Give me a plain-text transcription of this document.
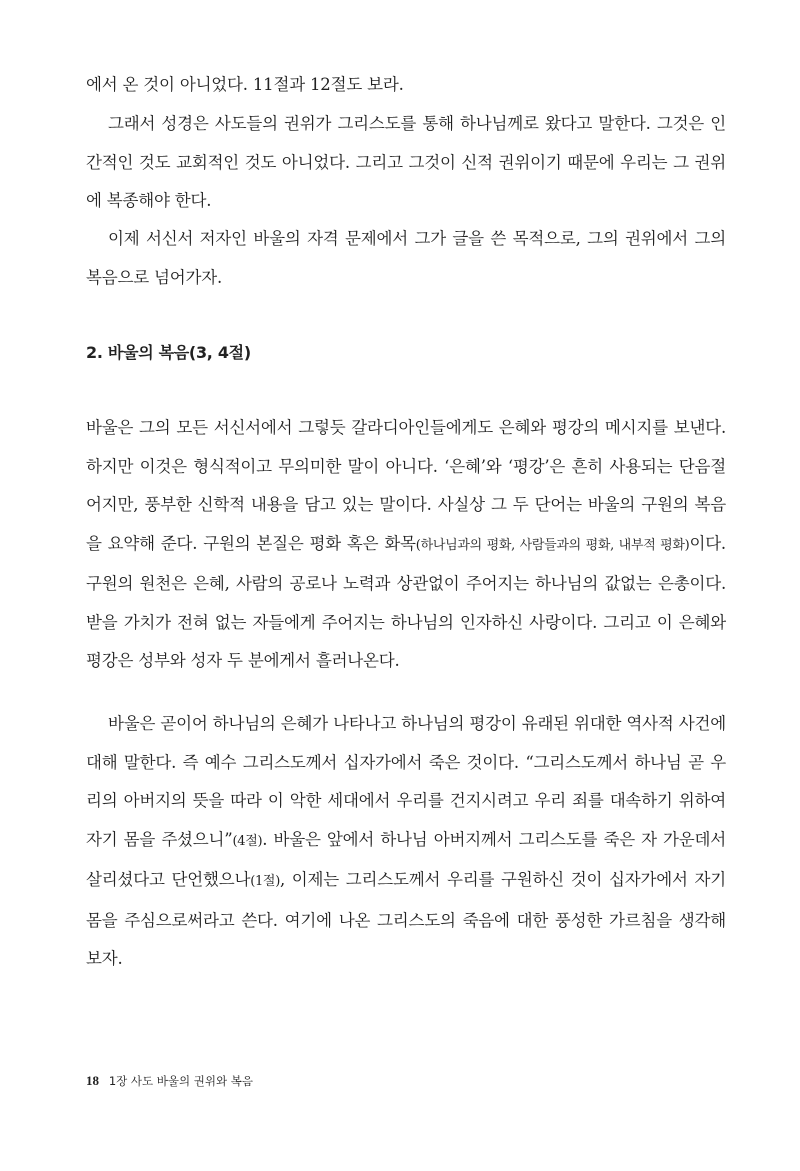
에서 온 것이 아니었다. 11절과 12절도 보라.

그래서 성경은 사도들의 권위가 그리스도를 통해 하나님께로 왔다고 말한다. 그것은 인간적인 것도 교회적인 것도 아니었다. 그리고 그것이 신적 권위이기 때문에 우리는 그 권위에 복종해야 한다.

이제 서신서 저자인 바울의 자격 문제에서 그가 글을 쓴 목적으로, 그의 권위에서 그의 복음으로 넘어가자.

2. 바울의 복음(3, 4절)

바울은 그의 모든 서신서에서 그렇듯 갈라디아인들에게도 은혜와 평강의 메시지를 보낸다. 하지만 이것은 형식적이고 무의미한 말이 아니다. ‘은혜’와 ‘평강’은 흔히 사용되는 단음절어지만, 풍부한 신학적 내용을 담고 있는 말이다. 사실상 그 두 단어는 바울의 구원의 복음을 요약해 준다. 구원의 본질은 평화 혹은 화목(하나님과의 평화, 사람들과의 평화, 내부적 평화)이다. 구원의 원천은 은혜, 사람의 공로나 노력과 상관없이 주어지는 하나님의 값없는 은총이다. 받을 가치가 전혀 없는 자들에게 주어지는 하나님의 인자하신 사랑이다. 그리고 이 은혜와 평강은 성부와 성자 두 분에게서 흘러나온다.

바울은 곧이어 하나님의 은혜가 나타나고 하나님의 평강이 유래된 위대한 역사적 사건에 대해 말한다. 즉 예수 그리스도께서 십자가에서 죽은 것이다. “그리스도께서 하나님 곧 우리의 아버지의 뜻을 따라 이 악한 세대에서 우리를 건지시려고 우리 죄를 대속하기 위하여 자기 몸을 주셨으니”(4절). 바울은 앞에서 하나님 아버지께서 그리스도를 죽은 자 가운데서 살리셨다고 단언했으나(1절), 이제는 그리스도께서 우리를 구원하신 것이 십자가에서 자기 몸을 주심으로써라고 쓴다. 여기에 나온 그리스도의 죽음에 대한 풍성한 가르침을 생각해 보자.

18 1장 사도 바울의 권위와 복음
